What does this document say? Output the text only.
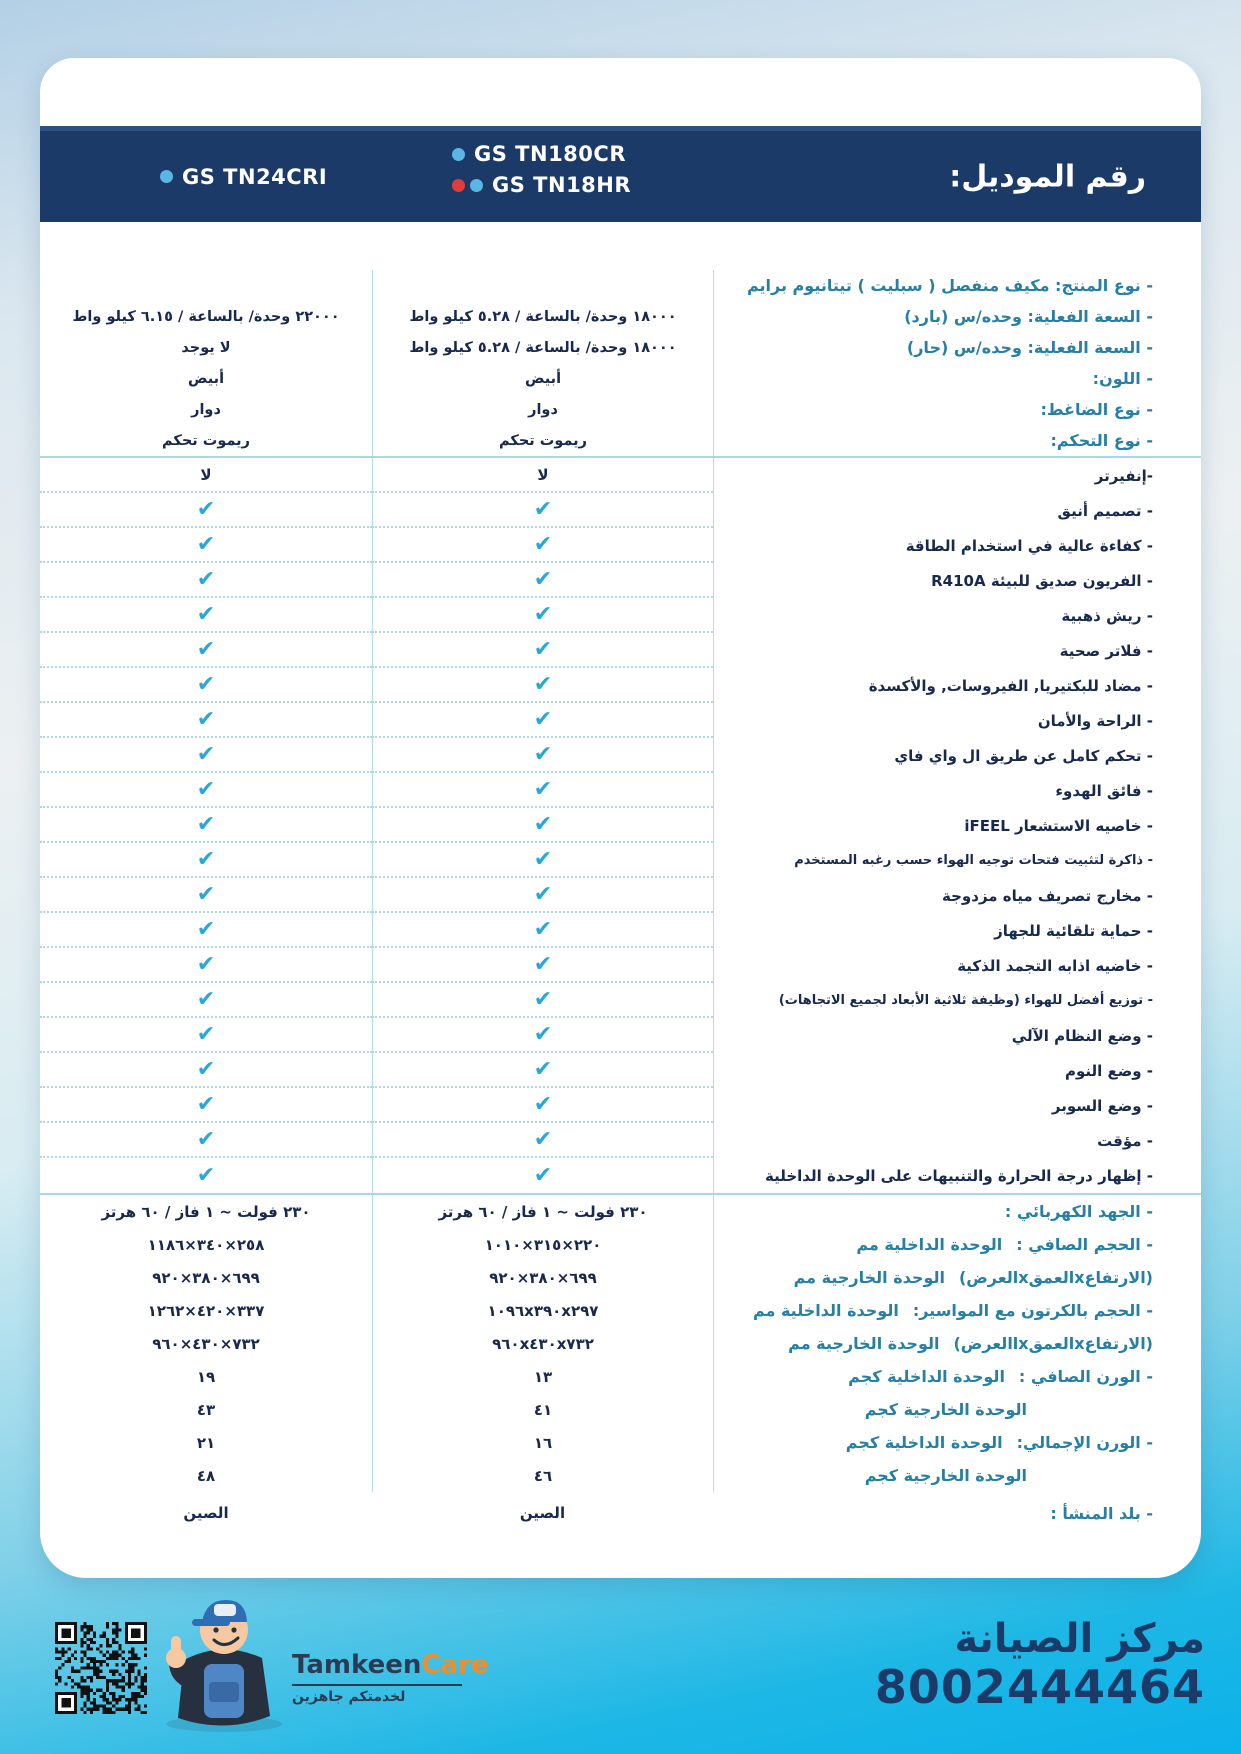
رقم الموديل:
GS TN180CR
GS TN18HR
GS TN24CRI
- نوع المنتج: مكيف منفصل ( سبليت ) تيتانيوم برايم
- السعة الفعلية: وحده/س (بارد)
١٨٠٠٠ وحدة/ بالساعة / ٥.٢٨ كيلو واط
٢٢٠٠٠ وحدة/ بالساعة / ٦.١٥ كيلو واط
- السعة الفعلية: وحده/س (حار)
١٨٠٠٠ وحدة/ بالساعة / ٥.٢٨ كيلو واط
لا يوجد
- اللون:
أبيض
أبيض
- نوع الضاغط:
دوار
دوار
- نوع التحكم:
ريموت تحكم
ريموت تحكم
-إنفيرتر
لا
لا
- تصميم أنيق
✔
✔
- كفاءة عالية في استخدام الطاقة
✔
✔
- الفريون صديق للبيئة R410A
✔
✔
- ريش ذهبية
✔
✔
- فلاتر صحية
✔
✔
- مضاد للبكتيريا, الفيروسات, والأكسدة
✔
✔
- الراحة والأمان
✔
✔
- تحكم كامل عن طريق ال واي فاي
✔
✔
- فائق الهدوء
✔
✔
- خاصيه الاستشعار iFEEL
✔
✔
- ذاكرة لتثبيت فتحات توجيه الهواء حسب رغبه المستخدم
✔
✔
- مخارج تصريف مياه مزدوجة
✔
✔
- حماية تلقائية للجهاز
✔
✔
- خاضيه اذابه التجمد الذكية
✔
✔
- توزيع أفضل للهواء (وظيفة ثلاثية الأبعاد لجميع الاتجاهات)
✔
✔
- وضع النظام الآلي
✔
✔
- وضع النوم
✔
✔
- وضع السوبر
✔
✔
- مؤقت
✔
✔
- إظهار درجة الحرارة والتنبيهات على الوحدة الداخلية
✔
✔
- الجهد الكهربائي :
٢٣٠ فولت ~ ١ فاز / ٦٠ هرتز
٢٣٠ فولت ~ ١ فاز / ٦٠ هرتز
- الحجم الصافي :
الوحدة الداخلية مم
٢٢٠×٣١٥×١٠١٠
٢٥٨×٣٤٠×١١٨٦
(الارتفاعxالعمقxالعرض)
الوحدة الخارجية مم
٦٩٩×٣٨٠×٩٢٠
٦٩٩×٣٨٠×٩٢٠
- الحجم بالكرتون مع المواسير:
الوحدة الداخلية مم
١٠٩٦x٣٩٠x٢٩٧
٣٣٧×٤٢٠×١٢٦٢
(الارتفاعxالعمقxاالعرض)
الوحدة الخارجية مم
٩٦٠x٤٣٠x٧٣٢
٧٣٢×٤٣٠×٩٦٠
- الورن الصافي :
الوحدة الداخلية كجم
١٣
١٩
الوحدة الخارجية كجم
٤١
٤٣
- الورن الإجمالي:
الوحدة الداخلية كجم
١٦
٢١
الوحدة الخارجية كجم
٤٦
٤٨
- بلد المنشأ :
الصين
الصين
TamkeenCare
لخدمتكم جاهزين
مركز الصيانة
8002444464
